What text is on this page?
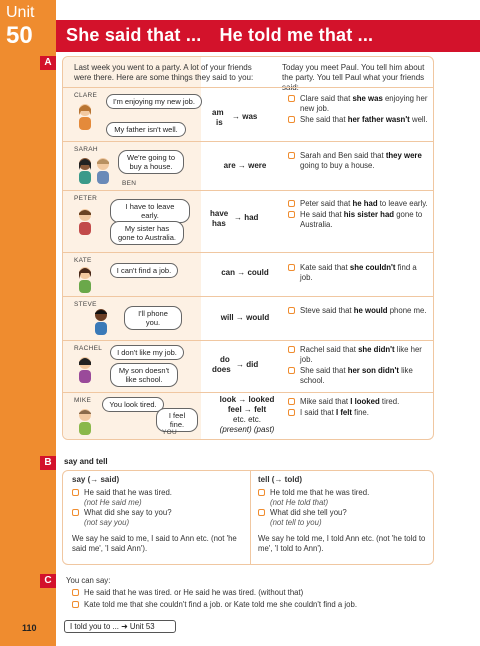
Unit
50 She said that ... He told me that ...
A	Last week you went to a party. A lot of your friends were there. Here are some things they said to you:
Today you meet Paul. You tell him about the party. You tell Paul what your friends said:
CLARE
I'm enjoying my new job.
My father isn't well.
am
is
→ was
Clare said that she was enjoying her new job.
She said that her father wasn't well.
SARAH
BEN
We're going to buy a house.	are → were
Sarah and Ben said that they were going to buy a house.
PETER
I have to leave early.
My sister has gone to Australia.
have
has
→ had
Peter said that he had to leave early.
He said that his sister had gone to Australia.
KATE
I can't find a job.	can → could
Kate said that she couldn't find a job.
STEVE
I'll phone you.
will → would
Steve said that he would phone me.
RACHEL	I don't like my job.
My son doesn't like school.
do
does
→ did
Rachel said that she didn't like her job.
She said that her son didn't like school.
MIKE	You look tired.
I feel fine.
YOU
look → looked
feel → felt
etc. etc.
(present) (past)
Mike said that I looked tired.
I said that I felt fine.
B	say and tell
say (→ said)
He said that he was tired.
(not He said me)
What did she say to you?
(not say you)
We say he said to me, I said to Ann etc. (not 'he said me', 'I said Ann').
tell (→ told)
He told me that he was tired.
(not He told that)
What did she tell you?
(not tell to you)
We say he told me, I told Ann etc. (not 'he told to me', 'I told to Ann').
C	You can say:
He said that he was tired. or He said he was tired. (without that)
Kate told me that she couldn't find a job. or Kate told me she couldn't find a job.
110	I told you to ... ➜ Unit 53
